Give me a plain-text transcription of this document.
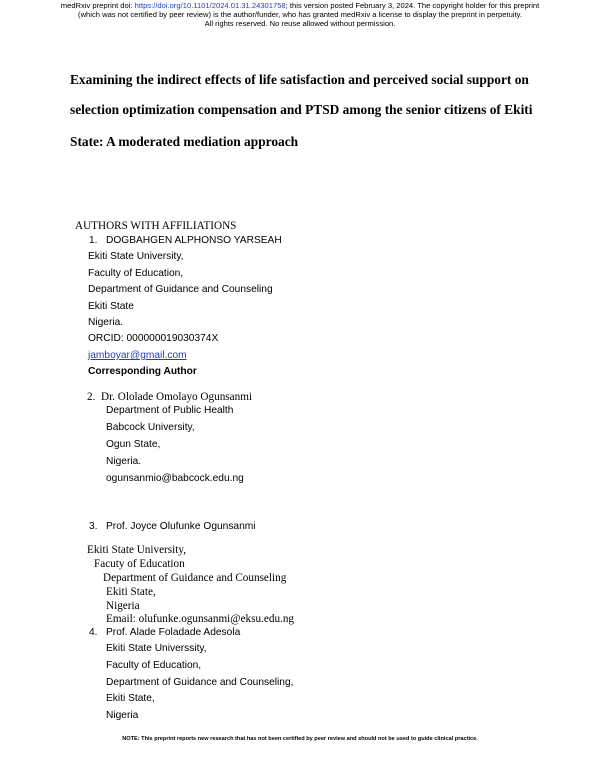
medRxiv preprint doi: https://doi.org/10.1101/2024.01.31.24301758; this version posted February 3, 2024. The copyright holder for this preprint
(which was not certified by peer review) is the author/funder, who has granted medRxiv a license to display the preprint in perpetuity.
All rights reserved. No reuse allowed without permission.
Examining the indirect effects of life satisfaction and perceived social support on
selection optimization compensation and PTSD among the senior citizens of Ekiti
State: A moderated mediation approach
AUTHORS WITH AFFILIATIONS
1. DOGBAHGEN ALPHONSO YARSEAH
Ekiti State University,
Faculty of Education,
Department of Guidance and Counseling
Ekiti State
Nigeria.
ORCID: 000000019030374X
jamboyar@gmail.com
Corresponding Author
2. Dr. Ololade Omolayo Ogunsanmi
Department of Public Health
Babcock University,
Ogun State,
Nigeria.
ogunsanmio@babcock.edu.ng
3. Prof. Joyce Olufunke Ogunsanmi
Ekiti State University,
Facuty of Education
Department of Guidance and Counseling
Ekiti State,
Nigeria
Email: olufunke.ogunsanmi@eksu.edu.ng
4. Prof. Alade Foladade Adesola
Ekiti State Universsity,
Faculty of Education,
Department of Guidance and Counseling,
Ekiti State,
Nigeria
NOTE: This preprint reports new research that has not been certified by peer review and should not be used to guide clinical practice.
